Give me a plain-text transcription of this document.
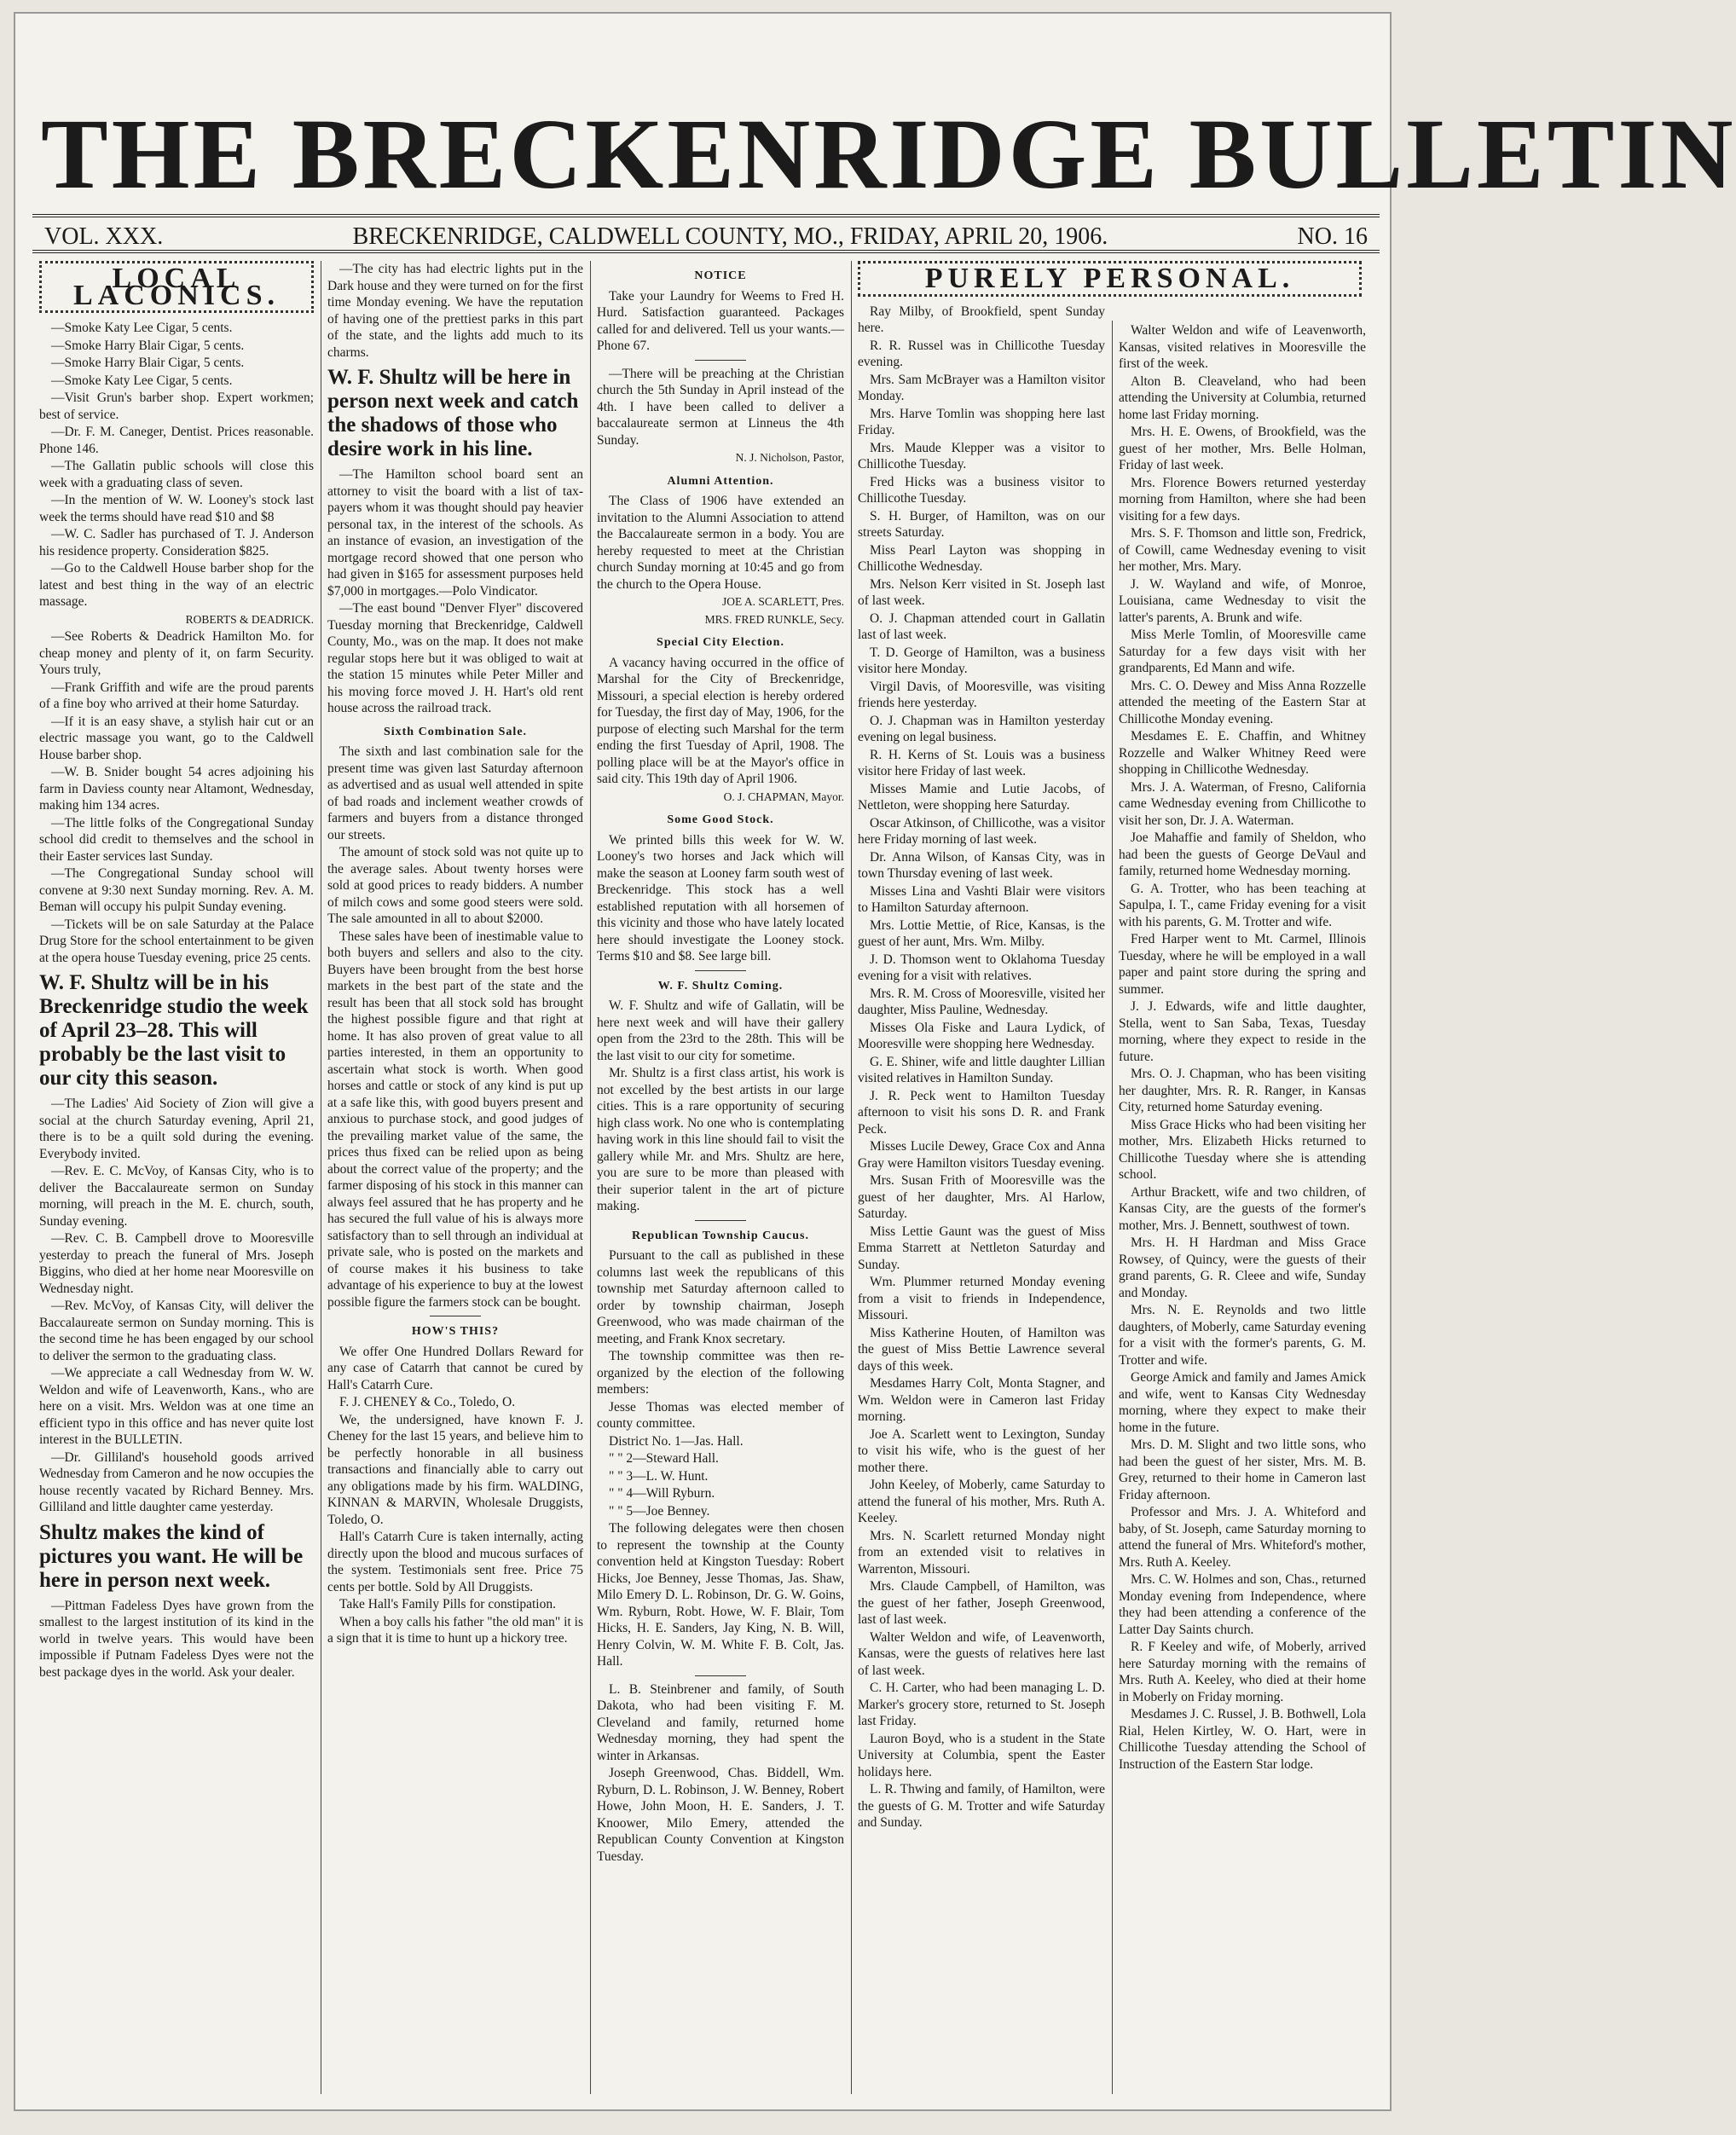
THE BRECKENRIDGE BULLETIN
VOL. XXX.	BRECKENRIDGE, CALDWELL COUNTY, MO., FRIDAY, APRIL 20, 1906.	NO. 16
LOCAL LACONICS.

—Smoke Katy Lee Cigar, 5 cents.

—Smoke Harry Blair Cigar, 5 cents.

—Smoke Harry Blair Cigar, 5 cents.

—Smoke Katy Lee Cigar, 5 cents.

—Visit Grun's barber shop. Expert workmen; best of service.

—Dr. F. M. Caneger, Dentist. Prices reasonable. Phone 146.

—The Gallatin public schools will close this week with a graduating class of seven.

—In the mention of W. W. Looney's stock last week the terms should have read $10 and $8

—W. C. Sadler has purchased of T. J. Anderson his residence property. Consideration $825.

—Go to the Caldwell House barber shop for the latest and best thing in the way of an electric massage.

ROBERTS & DEADRICK.

—See Roberts & Deadrick Hamilton Mo. for cheap money and plenty of it, on farm Security. Yours truly,

—Frank Griffith and wife are the proud parents of a fine boy who arrived at their home Saturday.

—If it is an easy shave, a stylish hair cut or an electric massage you want, go to the Caldwell House barber shop.

—W. B. Snider bought 54 acres adjoining his farm in Daviess county near Altamont, Wednesday, making him 134 acres.

—The little folks of the Congregational Sunday school did credit to themselves and the school in their Easter services last Sunday.

—The Congregational Sunday school will convene at 9:30 next Sunday morning. Rev. A. M. Beman will occupy his pulpit Sunday evening.

—Tickets will be on sale Saturday at the Palace Drug Store for the school entertainment to be given at the opera house Tuesday evening, price 25 cents.

W. F. Shultz will be in his Breckenridge studio the week of April 23–28. This will probably be the last visit to our city this season.

—The Ladies' Aid Society of Zion will give a social at the church Saturday evening, April 21, there is to be a quilt sold during the evening. Everybody invited.

—Rev. E. C. McVoy, of Kansas City, who is to deliver the Baccalaureate sermon on Sunday morning, will preach in the M. E. church, south, Sunday evening.

—Rev. C. B. Campbell drove to Mooresville yesterday to preach the funeral of Mrs. Joseph Biggins, who died at her home near Mooresville on Wednesday night.

—Rev. McVoy, of Kansas City, will deliver the Baccalaureate sermon on Sunday morning. This is the second time he has been engaged by our school to deliver the sermon to the graduating class.

—We appreciate a call Wednesday from W. W. Weldon and wife of Leavenworth, Kans., who are here on a visit. Mrs. Weldon was at one time an efficient typo in this office and has never quite lost interest in the BULLETIN.

—Dr. Gilliland's household goods arrived Wednesday from Cameron and he now occupies the house recently vacated by Richard Benney. Mrs. Gilliland and little daughter came yesterday.

Shultz makes the kind of pictures you want. He will be here in person next week.

—Pittman Fadeless Dyes have grown from the smallest to the largest institution of its kind in the world in twelve years. This would have been impossible if Putnam Fadeless Dyes were not the best package dyes in the world. Ask your dealer.

—The city has had electric lights put in the Dark house and they were turned on for the first time Monday evening. We have the reputation of having one of the prettiest parks in this part of the state, and the lights add much to its charms.

W. F. Shultz will be here in person next week and catch the shadows of those who desire work in his line.

—The Hamilton school board sent an attorney to visit the board with a list of tax-payers whom it was thought should pay heavier personal tax, in the interest of the schools. As an instance of evasion, an investigation of the mortgage record showed that one person who had given in $165 for assessment purposes held $7,000 in mortgages.—Polo Vindicator.

—The east bound "Denver Flyer" discovered Tuesday morning that Breckenridge, Caldwell County, Mo., was on the map. It does not make regular stops here but it was obliged to wait at the station 15 minutes while Peter Miller and his moving force moved J. H. Hart's old rent house across the railroad track.

Sixth Combination Sale.

The sixth and last combination sale for the present time was given last Saturday afternoon as advertised and as usual well attended in spite of bad roads and inclement weather crowds of farmers and buyers from a distance thronged our streets.

The amount of stock sold was not quite up to the average sales. About twenty horses were sold at good prices to ready bidders. A number of milch cows and some good steers were sold. The sale amounted in all to about $2000.

These sales have been of inestimable value to both buyers and sellers and also to the city. Buyers have been brought from the best horse markets in the best part of the state and the result has been that all stock sold has brought the highest possible figure and that right at home. It has also proven of great value to all parties interested, in them an opportunity to ascertain what stock is worth. When good horses and cattle or stock of any kind is put up at a safe like this, with good buyers present and anxious to purchase stock, and good judges of the prevailing market value of the same, the prices thus fixed can be relied upon as being about the correct value of the property; and the farmer disposing of his stock in this manner can always feel assured that he has property and he has secured the full value of his is always more satisfactory than to sell through an individual at private sale, who is posted on the markets and of course makes it his business to take advantage of his experience to buy at the lowest possible figure the farmers stock can be bought.

HOW'S THIS?

We offer One Hundred Dollars Reward for any case of Catarrh that cannot be cured by Hall's Catarrh Cure.

F. J. CHENEY & Co., Toledo, O.

We, the undersigned, have known F. J. Cheney for the last 15 years, and believe him to be perfectly honorable in all business transactions and financially able to carry out any obligations made by his firm. WALDING, KINNAN & MARVIN, Wholesale Druggists, Toledo, O.

Hall's Catarrh Cure is taken internally, acting directly upon the blood and mucous surfaces of the system. Testimonials sent free. Price 75 cents per bottle. Sold by All Druggists.

Take Hall's Family Pills for constipation.

When a boy calls his father "the old man" it is a sign that it is time to hunt up a hickory tree.

NOTICE

Take your Laundry for Weems to Fred H. Hurd. Satisfaction guaranteed. Packages called for and delivered. Tell us your wants.—Phone 67.

—There will be preaching at the Christian church the 5th Sunday in April instead of the 4th. I have been called to deliver a baccalaureate sermon at Linneus the 4th Sunday.

N. J. Nicholson, Pastor,

Alumni Attention.

The Class of 1906 have extended an invitation to the Alumni Association to attend the Baccalaureate sermon in a body. You are hereby requested to meet at the Christian church Sunday morning at 10:45 and go from the church to the Opera House.

JOE A. SCARLETT, Pres.

MRS. FRED RUNKLE, Secy.

Special City Election.

A vacancy having occurred in the office of Marshal for the City of Breckenridge, Missouri, a special election is hereby ordered for Tuesday, the first day of May, 1906, for the purpose of electing such Marshal for the term ending the first Tuesday of April, 1908. The polling place will be at the Mayor's office in said city. This 19th day of April 1906.

O. J. CHAPMAN, Mayor.

Some Good Stock.

We printed bills this week for W. W. Looney's two horses and Jack which will make the season at Looney farm south west of Breckenridge. This stock has a well established reputation with all horsemen of this vicinity and those who have lately located here should investigate the Looney stock. Terms $10 and $8. See large bill.

W. F. Shultz Coming.

W. F. Shultz and wife of Gallatin, will be here next week and will have their gallery open from the 23rd to the 28th. This will be the last visit to our city for sometime.

Mr. Shultz is a first class artist, his work is not excelled by the best artists in our large cities. This is a rare opportunity of securing high class work. No one who is contemplating having work in this line should fail to visit the gallery while Mr. and Mrs. Shultz are here, you are sure to be more than pleased with their superior talent in the art of picture making.

Republican Township Caucus.

Pursuant to the call as published in these columns last week the republicans of this township met Saturday afternoon called to order by township chairman, Joseph Greenwood, who was made chairman of the meeting, and Frank Knox secretary.

The township committee was then re-organized by the election of the following members:

Jesse Thomas was elected member of county committee.

District No. 1—Jas. Hall.

" " 2—Steward Hall.

" " 3—L. W. Hunt.

" " 4—Will Ryburn.

" " 5—Joe Benney.

The following delegates were then chosen to represent the township at the County convention held at Kingston Tuesday: Robert Hicks, Joe Benney, Jesse Thomas, Jas. Shaw, Milo Emery D. L. Robinson, Dr. G. W. Goins, Wm. Ryburn, Robt. Howe, W. F. Blair, Tom Hicks, H. E. Sanders, Jay King, N. B. Will, Henry Colvin, W. M. White F. B. Colt, Jas. Hall.

L. B. Steinbrener and family, of South Dakota, who had been visiting F. M. Cleveland and family, returned home Wednesday morning, they had spent the winter in Arkansas.

Joseph Greenwood, Chas. Biddell, Wm. Ryburn, D. L. Robinson, J. W. Benney, Robert Howe, John Moon, H. E. Sanders, J. T. Knoower, Milo Emery, attended the Republican County Convention at Kingston Tuesday.

PURELY PERSONAL.

Ray Milby, of Brookfield, spent Sunday here.

R. R. Russel was in Chillicothe Tuesday evening.

Mrs. Sam McBrayer was a Hamilton visitor Monday.

Mrs. Harve Tomlin was shopping here last Friday.

Mrs. Maude Klepper was a visitor to Chillicothe Tuesday.

Fred Hicks was a business visitor to Chillicothe Tuesday.

S. H. Burger, of Hamilton, was on our streets Saturday.

Miss Pearl Layton was shopping in Chillicothe Wednesday.

Mrs. Nelson Kerr visited in St. Joseph last of last week.

O. J. Chapman attended court in Gallatin last of last week.

T. D. George of Hamilton, was a business visitor here Monday.

Virgil Davis, of Mooresville, was visiting friends here yesterday.

O. J. Chapman was in Hamilton yesterday evening on legal business.

R. H. Kerns of St. Louis was a business visitor here Friday of last week.

Misses Mamie and Lutie Jacobs, of Nettleton, were shopping here Saturday.

Oscar Atkinson, of Chillicothe, was a visitor here Friday morning of last week.

Dr. Anna Wilson, of Kansas City, was in town Thursday evening of last week.

Misses Lina and Vashti Blair were visitors to Hamilton Saturday afternoon.

Mrs. Lottie Mettie, of Rice, Kansas, is the guest of her aunt, Mrs. Wm. Milby.

J. D. Thomson went to Oklahoma Tuesday evening for a visit with relatives.

Mrs. R. M. Cross of Mooresville, visited her daughter, Miss Pauline, Wednesday.

Misses Ola Fiske and Laura Lydick, of Mooresville were shopping here Wednesday.

G. E. Shiner, wife and little daughter Lillian visited relatives in Hamilton Sunday.

J. R. Peck went to Hamilton Tuesday afternoon to visit his sons D. R. and Frank Peck.

Misses Lucile Dewey, Grace Cox and Anna Gray were Hamilton visitors Tuesday evening.

Mrs. Susan Frith of Mooresville was the guest of her daughter, Mrs. Al Harlow, Saturday.

Miss Lettie Gaunt was the guest of Miss Emma Starrett at Nettleton Saturday and Sunday.

Wm. Plummer returned Monday evening from a visit to friends in Independence, Missouri.

Miss Katherine Houten, of Hamilton was the guest of Miss Bettie Lawrence several days of this week.

Mesdames Harry Colt, Monta Stagner, and Wm. Weldon were in Cameron last Friday morning.

Joe A. Scarlett went to Lexington, Sunday to visit his wife, who is the guest of her mother there.

John Keeley, of Moberly, came Saturday to attend the funeral of his mother, Mrs. Ruth A. Keeley.

Mrs. N. Scarlett returned Monday night from an extended visit to relatives in Warrenton, Missouri.

Mrs. Claude Campbell, of Hamilton, was the guest of her father, Joseph Greenwood, last of last week.

Walter Weldon and wife, of Leavenworth, Kansas, were the guests of relatives here last of last week.

C. H. Carter, who had been managing L. D. Marker's grocery store, returned to St. Joseph last Friday.

Lauron Boyd, who is a student in the State University at Columbia, spent the Easter holidays here.

L. R. Thwing and family, of Hamilton, were the guests of G. M. Trotter and wife Saturday and Sunday.

Walter Weldon and wife of Leavenworth, Kansas, visited relatives in Mooresville the first of the week.

Alton B. Cleaveland, who had been attending the University at Columbia, returned home last Friday morning.

Mrs. H. E. Owens, of Brookfield, was the guest of her mother, Mrs. Belle Holman, Friday of last week.

Mrs. Florence Bowers returned yesterday morning from Hamilton, where she had been visiting for a few days.

Mrs. S. F. Thomson and little son, Fredrick, of Cowill, came Wednesday evening to visit her mother, Mrs. Mary.

J. W. Wayland and wife, of Monroe, Louisiana, came Wednesday to visit the latter's parents, A. Brunk and wife.

Miss Merle Tomlin, of Mooresville came Saturday for a few days visit with her grandparents, Ed Mann and wife.

Mrs. C. O. Dewey and Miss Anna Rozzelle attended the meeting of the Eastern Star at Chillicothe Monday evening.

Mesdames E. E. Chaffin, and Whitney Rozzelle and Walker Whitney Reed were shopping in Chillicothe Wednesday.

Mrs. J. A. Waterman, of Fresno, California came Wednesday evening from Chillicothe to visit her son, Dr. J. A. Waterman.

Joe Mahaffie and family of Sheldon, who had been the guests of George DeVaul and family, returned home Wednesday morning.

G. A. Trotter, who has been teaching at Sapulpa, I. T., came Friday evening for a visit with his parents, G. M. Trotter and wife.

Fred Harper went to Mt. Carmel, Illinois Tuesday, where he will be employed in a wall paper and paint store during the spring and summer.

J. J. Edwards, wife and little daughter, Stella, went to San Saba, Texas, Tuesday morning, where they expect to reside in the future.

Mrs. O. J. Chapman, who has been visiting her daughter, Mrs. R. R. Ranger, in Kansas City, returned home Saturday evening.

Miss Grace Hicks who had been visiting her mother, Mrs. Elizabeth Hicks returned to Chillicothe Tuesday where she is attending school.

Arthur Brackett, wife and two children, of Kansas City, are the guests of the former's mother, Mrs. J. Bennett, southwest of town.

Mrs. H. H Hardman and Miss Grace Rowsey, of Quincy, were the guests of their grand parents, G. R. Cleee and wife, Sunday and Monday.

Mrs. N. E. Reynolds and two little daughters, of Moberly, came Saturday evening for a visit with the former's parents, G. M. Trotter and wife.

George Amick and family and James Amick and wife, went to Kansas City Wednesday morning, where they expect to make their home in the future.

Mrs. D. M. Slight and two little sons, who had been the guest of her sister, Mrs. M. B. Grey, returned to their home in Cameron last Friday afternoon.

Professor and Mrs. J. A. Whiteford and baby, of St. Joseph, came Saturday morning to attend the funeral of Mrs. Whiteford's mother, Mrs. Ruth A. Keeley.

Mrs. C. W. Holmes and son, Chas., returned Monday evening from Independence, where they had been attending a conference of the Latter Day Saints church.

R. F Keeley and wife, of Moberly, arrived here Saturday morning with the remains of Mrs. Ruth A. Keeley, who died at their home in Moberly on Friday morning.

Mesdames J. C. Russel, J. B. Bothwell, Lola Rial, Helen Kirtley, W. O. Hart, were in Chillicothe Tuesday attending the School of Instruction of the Eastern Star lodge.
